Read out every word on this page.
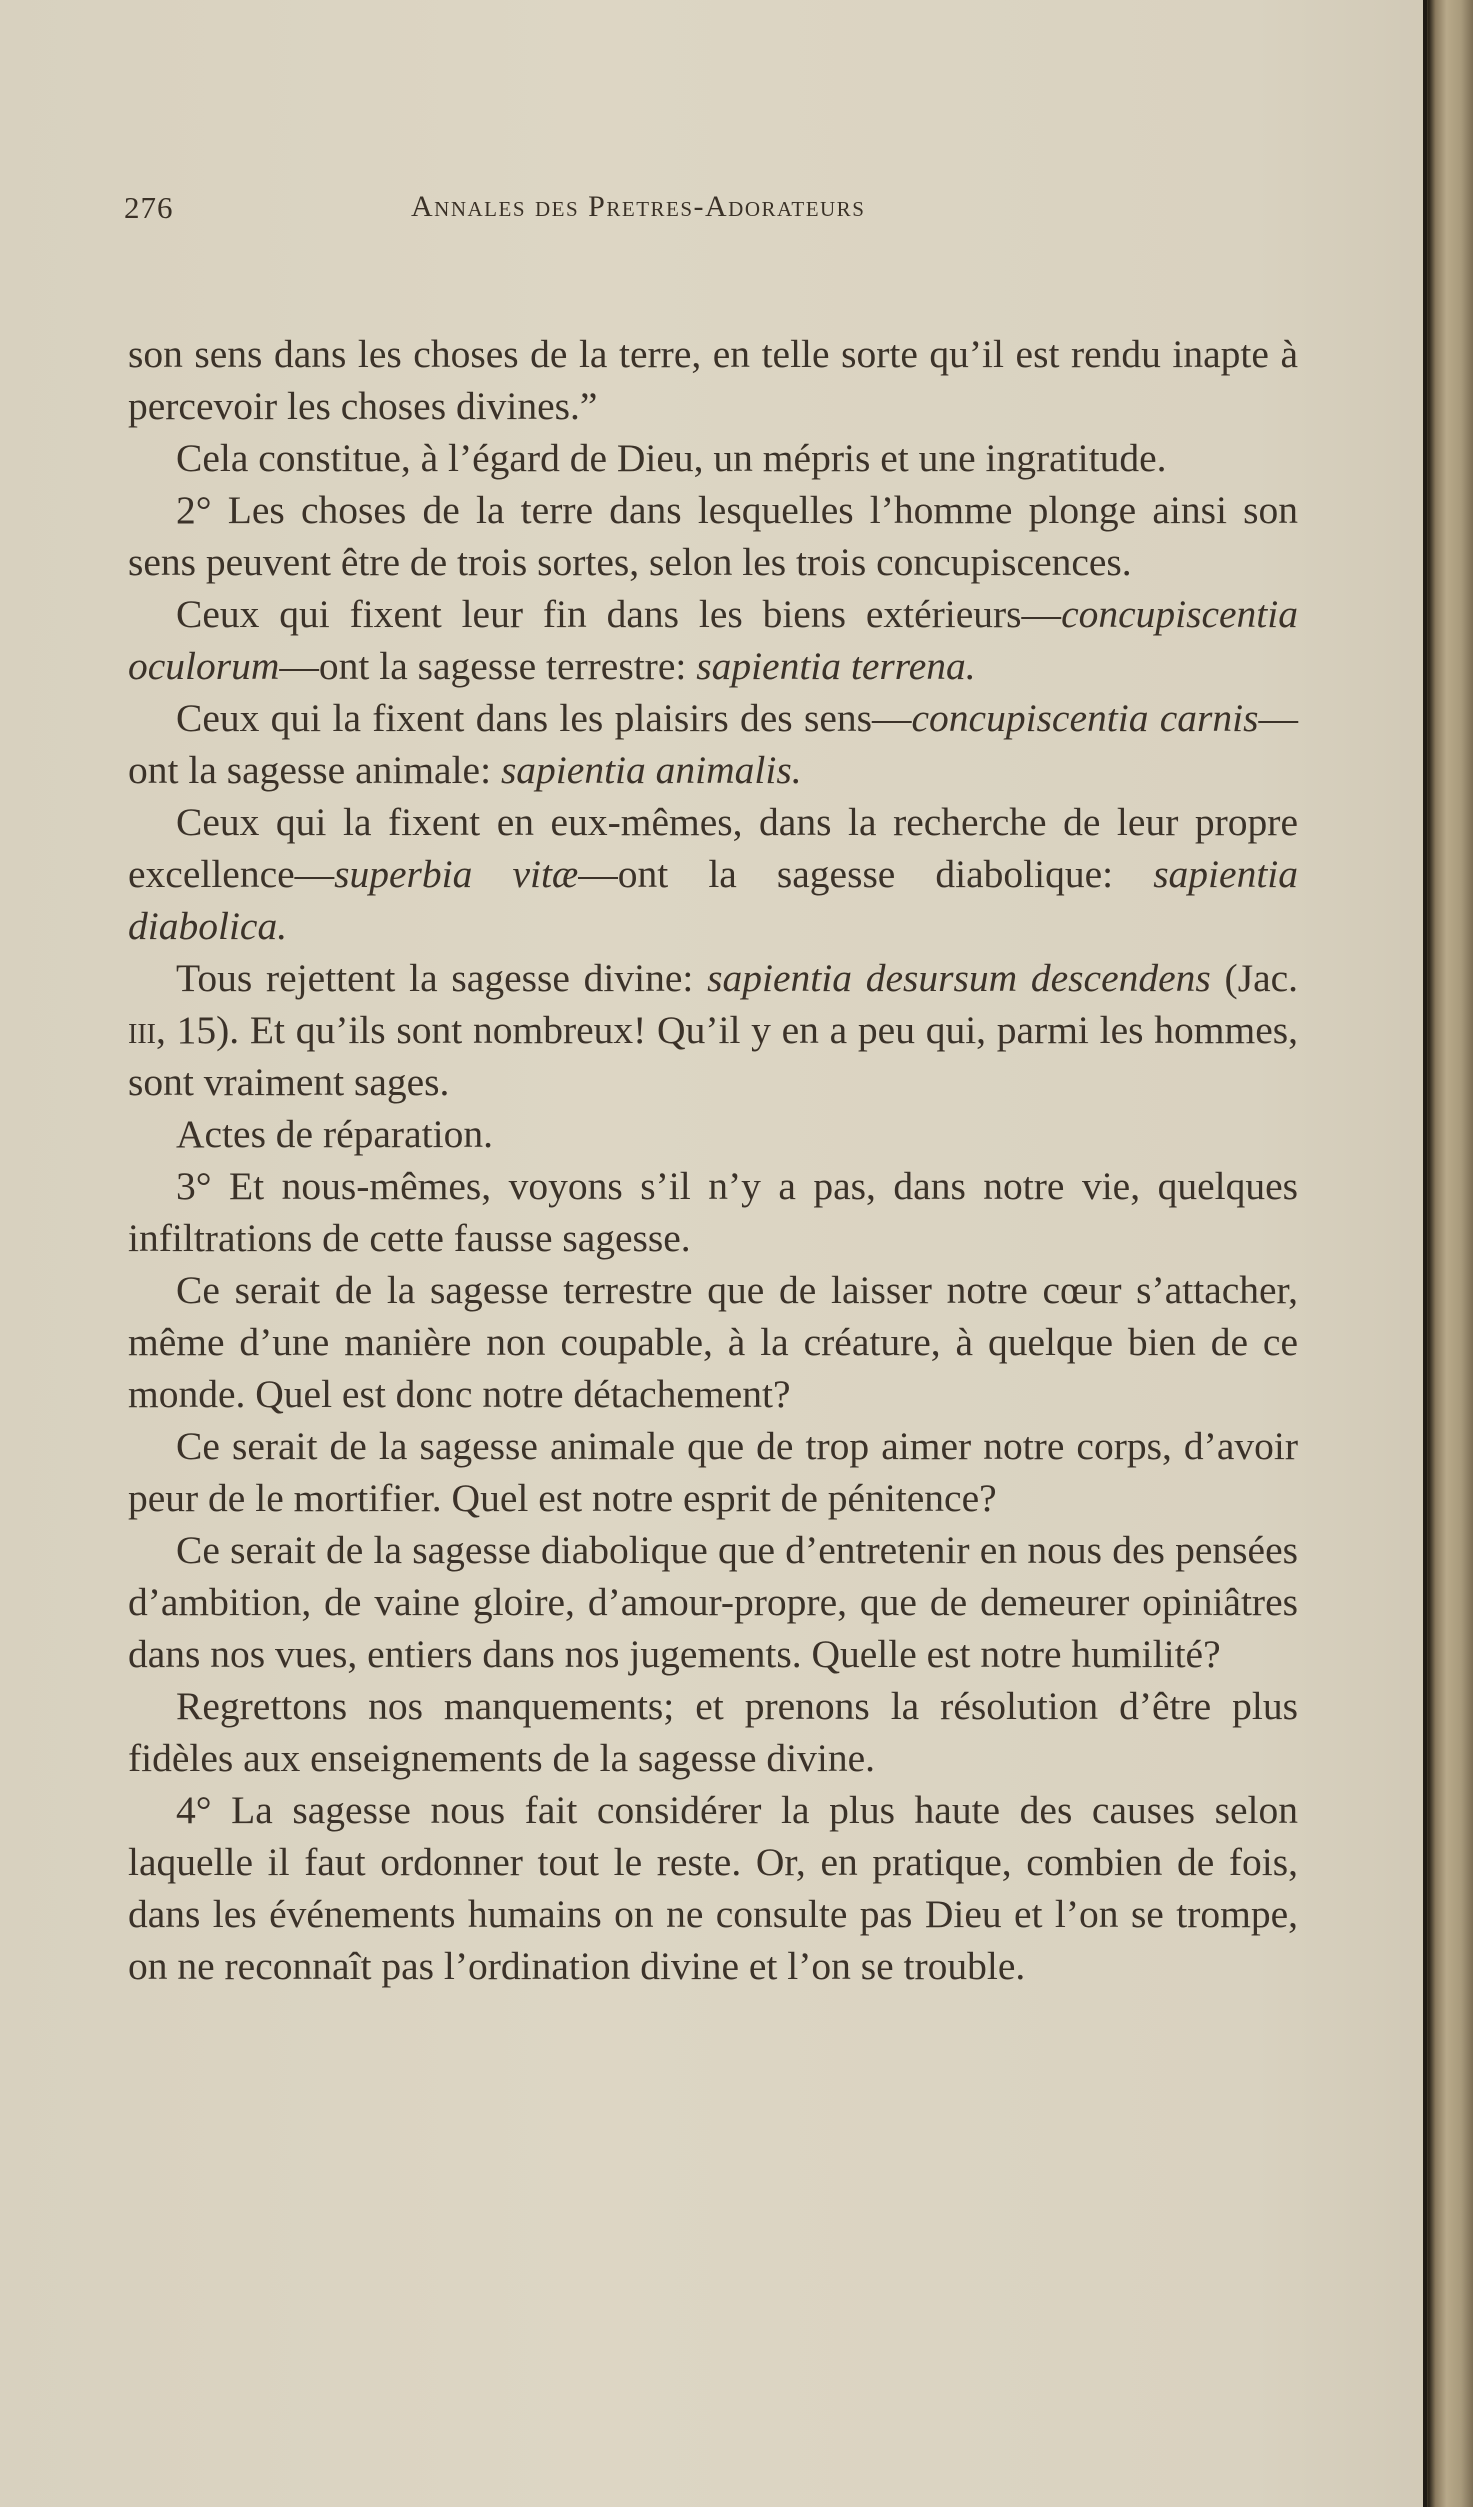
276	Annales des Pretres-Adorateurs

son sens dans les choses de la terre, en telle sorte qu’il est rendu inapte à percevoir les choses divines.”

Cela constitue, à l’égard de Dieu, un mépris et une ingratitude.

2° Les choses de la terre dans lesquelles l’homme plonge ainsi son sens peuvent être de trois sortes, selon les trois concupiscences.

Ceux qui fixent leur fin dans les biens extérieurs—concupiscentia oculorum—ont la sagesse terrestre: sapientia terrena.

Ceux qui la fixent dans les plaisirs des sens—concupiscentia carnis—ont la sagesse animale: sapientia animalis.

Ceux qui la fixent en eux-mêmes, dans la recherche de leur propre excellence—superbia vitæ—ont la sagesse diabolique: sapientia diabolica.

Tous rejettent la sagesse divine: sapientia desursum descendens (Jac. iii, 15). Et qu’ils sont nombreux! Qu’il y en a peu qui, parmi les hommes, sont vraiment sages.

Actes de réparation.

3° Et nous-mêmes, voyons s’il n’y a pas, dans notre vie, quelques infiltrations de cette fausse sagesse.

Ce serait de la sagesse terrestre que de laisser notre cœur s’attacher, même d’une manière non coupable, à la créature, à quelque bien de ce monde. Quel est donc notre détachement?

Ce serait de la sagesse animale que de trop aimer notre corps, d’avoir peur de le mortifier. Quel est notre esprit de pénitence?

Ce serait de la sagesse diabolique que d’entretenir en nous des pensées d’ambition, de vaine gloire, d’amour-propre, que de demeurer opiniâtres dans nos vues, entiers dans nos jugements. Quelle est notre humilité?

Regrettons nos manquements; et prenons la résolution d’être plus fidèles aux enseignements de la sagesse divine.

4° La sagesse nous fait considérer la plus haute des causes selon laquelle il faut ordonner tout le reste. Or, en pratique, combien de fois, dans les événements humains on ne consulte pas Dieu et l’on se trompe, on ne reconnaît pas l’ordination divine et l’on se trouble.
